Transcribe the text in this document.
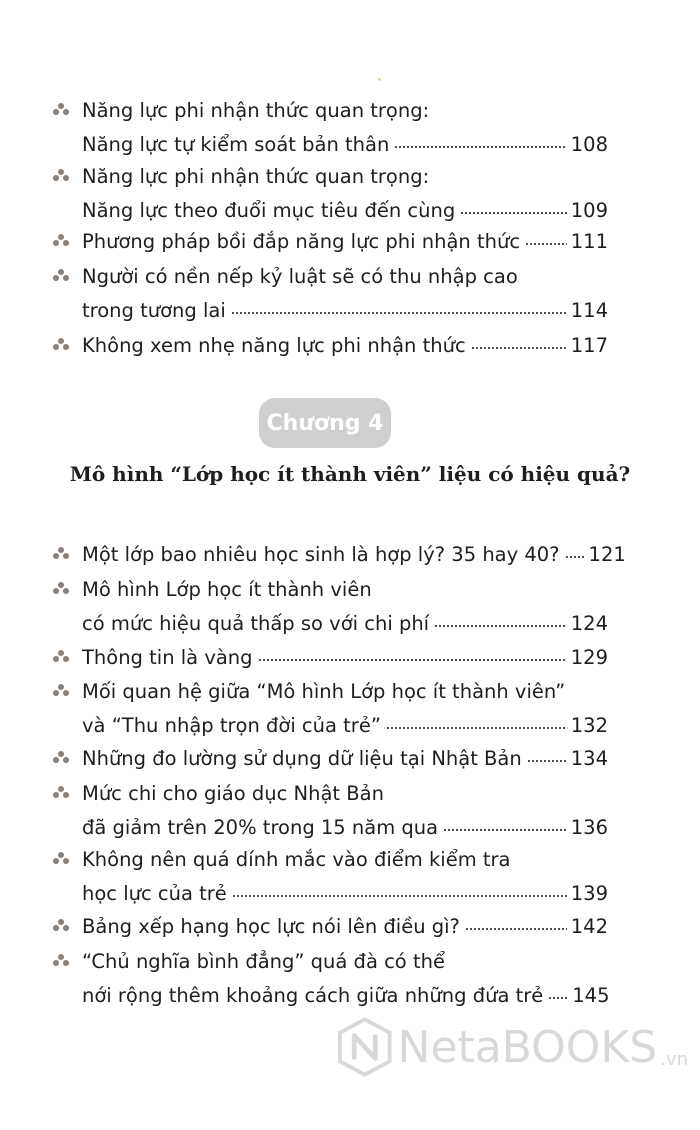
Năng lực phi nhận thức quan trọng:
Năng lực tự kiểm soát bản thân	108
Năng lực phi nhận thức quan trọng:
Năng lực theo đuổi mục tiêu đến cùng	109
Phương pháp bồi đắp năng lực phi nhận thức	111
Người có nền nếp kỷ luật sẽ có thu nhập cao
trong tương lai	114
Không xem nhẹ năng lực phi nhận thức	117
Chương 4
Mô hình “Lớp học ít thành viên” liệu có hiệu quả?
Một lớp bao nhiêu học sinh là hợp lý? 35 hay 40? 121
Mô hình Lớp học ít thành viên
có mức hiệu quả thấp so với chi phí	124
Thông tin là vàng	129
Mối quan hệ giữa “Mô hình Lớp học ít thành viên”
và “Thu nhập trọn đời của trẻ”	132
Những đo lường sử dụng dữ liệu tại Nhật Bản	134
Mức chi cho giáo dục Nhật Bản
đã giảm trên 20% trong 15 năm qua	136
Không nên quá dính mắc vào điểm kiểm tra
học lực của trẻ	139
Bảng xếp hạng học lực nói lên điều gì?	142
“Chủ nghĩa bình đẳng” quá đà có thể
nới rộng thêm khoảng cách giữa những đứa trẻ 145
NetaBOOKS .vn
